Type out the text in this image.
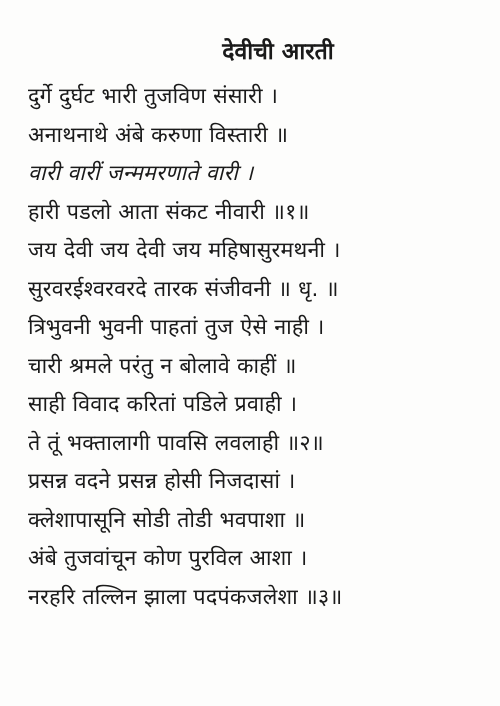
देवीची आरती
दुर्गे दुर्घट भारी तुजविण संसारी ।
अनाथनाथे अंबे करुणा विस्तारी ॥
वारी वारीं जन्ममरणाते वारी ।
हारी पडलो आता संकट नीवारी ॥१॥
जय देवी जय देवी जय महिषासुरमथनी ।
सुरवरईश्वरवरदे तारक संजीवनी ॥ धृ. ॥
त्रिभुवनी भुवनी पाहतां तुज ऐसे नाही ।
चारी श्रमले परंतु न बोलावे काहीं ॥
साही विवाद करितां पडिले प्रवाही ।
ते तूं भक्तालागी पावसि लवलाही ॥२॥
प्रसन्न वदने प्रसन्न होसी निजदासां ।
क्लेशापासूनि सोडी तोडी भवपाशा ॥
अंबे तुजवांचून कोण पुरविल आशा ।
नरहरि तल्लिन झाला पदपंकजलेशा ॥३॥
